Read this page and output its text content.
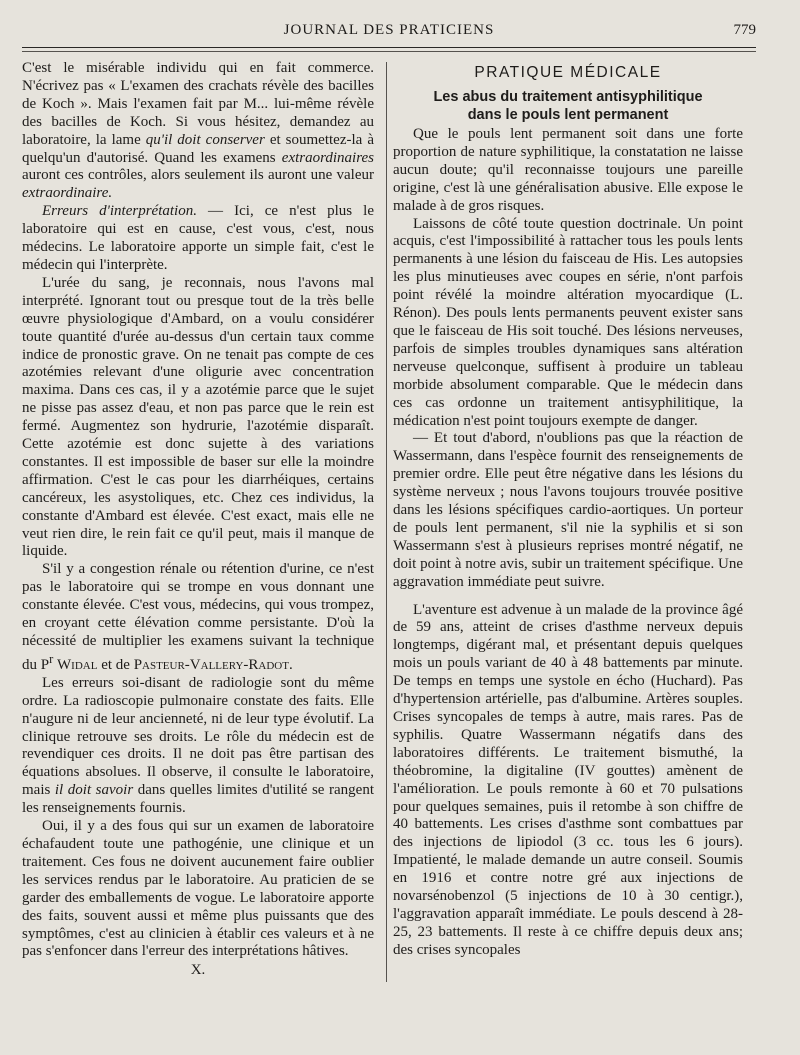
JOURNAL DES PRATICIENS	779

C'est le misérable individu qui en fait commerce. N'écrivez pas « L'examen des crachats révèle des bacilles de Koch ». Mais l'examen fait par M... lui-même révèle des bacilles de Koch. Si vous hésitez, demandez au laboratoire, la lame qu'il doit conserver et soumettez-la à quelqu'un d'autorisé. Quand les examens extraordinaires auront ces contrôles, alors seulement ils auront une valeur extraordinaire.

Erreurs d'interprétation. — Ici, ce n'est plus le laboratoire qui est en cause, c'est vous, c'est, nous médecins. Le laboratoire apporte un simple fait, c'est le médecin qui l'interprète.

L'urée du sang, je reconnais, nous l'avons mal interprété. Ignorant tout ou presque tout de la très belle œuvre physiologique d'Ambard, on a voulu considérer toute quantité d'urée au-dessus d'un certain taux comme indice de pronostic grave. On ne tenait pas compte de ces azotémies relevant d'une oligurie avec concentration maxima. Dans ces cas, il y a azotémie parce que le sujet ne pisse pas assez d'eau, et non pas parce que le rein est fermé. Augmentez son hydrurie, l'azotémie disparaît. Cette azotémie est donc sujette à des variations constantes. Il est impossible de baser sur elle la moindre affirmation. C'est le cas pour les diarrhéiques, certains cancéreux, les asystoliques, etc. Chez ces individus, la constante d'Ambard est élevée. C'est exact, mais elle ne veut rien dire, le rein fait ce qu'il peut, mais il manque de liquide.

S'il y a congestion rénale ou rétention d'urine, ce n'est pas le laboratoire qui se trompe en vous donnant une constante élevée. C'est vous, médecins, qui vous trompez, en croyant cette élévation comme persistante. D'où la nécessité de multiplier les examens suivant la technique du $P^r$ Widal et de Pasteur-Vallery-Radot.

Les erreurs soi-disant de radiologie sont du même ordre. La radioscopie pulmonaire constate des faits. Elle n'augure ni de leur ancienneté, ni de leur type évolutif. La clinique retrouve ses droits. Le rôle du médecin est de revendiquer ces droits. Il ne doit pas être partisan des équations absolues. Il observe, il consulte le laboratoire, mais il doit savoir dans quelles limites d'utilité se rangent les renseignements fournis.

Oui, il y a des fous qui sur un examen de laboratoire échafaudent toute une pathogénie, une clinique et un traitement. Ces fous ne doivent aucunement faire oublier les services rendus par le laboratoire. Au praticien de se garder des emballements de vogue. Le laboratoire apporte des faits, souvent aussi et même plus puissants que des symptômes, c'est au clinicien à établir ces valeurs et à ne pas s'enfoncer dans l'erreur des interprétations hâtives.

X.

PRATIQUE MÉDICALE
Les abus du traitement antisyphilitique
dans le pouls lent permanent

Que le pouls lent permanent soit dans une forte proportion de nature syphilitique, la constatation ne laisse aucun doute; qu'il reconnaisse toujours une pareille origine, c'est là une généralisation abusive. Elle expose le malade à de gros risques.

Laissons de côté toute question doctrinale. Un point acquis, c'est l'impossibilité à rattacher tous les pouls lents permanents à une lésion du faisceau de His. Les autopsies les plus minutieuses avec coupes en série, n'ont parfois point révélé la moindre altération myocardique (L. Rénon). Des pouls lents permanents peuvent exister sans que le faisceau de His soit touché. Des lésions nerveuses, parfois de simples troubles dynamiques sans altération nerveuse quelconque, suffisent à produire un tableau morbide absolument comparable. Que le médecin dans ces cas ordonne un traitement antisyphilitique, la médication n'est point toujours exempte de danger.

— Et tout d'abord, n'oublions pas que la réaction de Wassermann, dans l'espèce fournit des renseignements de premier ordre. Elle peut être négative dans les lésions du système nerveux ; nous l'avons toujours trouvée positive dans les lésions spécifiques cardio-aortiques. Un porteur de pouls lent permanent, s'il nie la syphilis et si son Wassermann s'est à plusieurs reprises montré négatif, ne doit point à notre avis, subir un traitement spécifique. Une aggravation immédiate peut suivre.

L'aventure est advenue à un malade de la province âgé de 59 ans, atteint de crises d'asthme nerveux depuis longtemps, digérant mal, et présentant depuis quelques mois un pouls variant de 40 à 48 battements par minute. De temps en temps une systole en écho (Huchard). Pas d'hypertension artérielle, pas d'albumine. Artères souples. Crises syncopales de temps à autre, mais rares. Pas de syphilis. Quatre Wassermann négatifs dans des laboratoires différents. Le traitement bismuthé, la théobromine, la digitaline (IV gouttes) amènent de l'amélioration. Le pouls remonte à 60 et 70 pulsations pour quelques semaines, puis il retombe à son chiffre de 40 battements. Les crises d'asthme sont combattues par des injections de lipiodol (3 cc. tous les 6 jours). Impatienté, le malade demande un autre conseil. Soumis en 1916 et contre notre gré aux injections de novarsénobenzol (5 injections de 10 à 30 centigr.), l'aggravation apparaît immédiate. Le pouls descend à 28-25, 23 battements. Il reste à ce chiffre depuis deux ans; des crises syncopales
